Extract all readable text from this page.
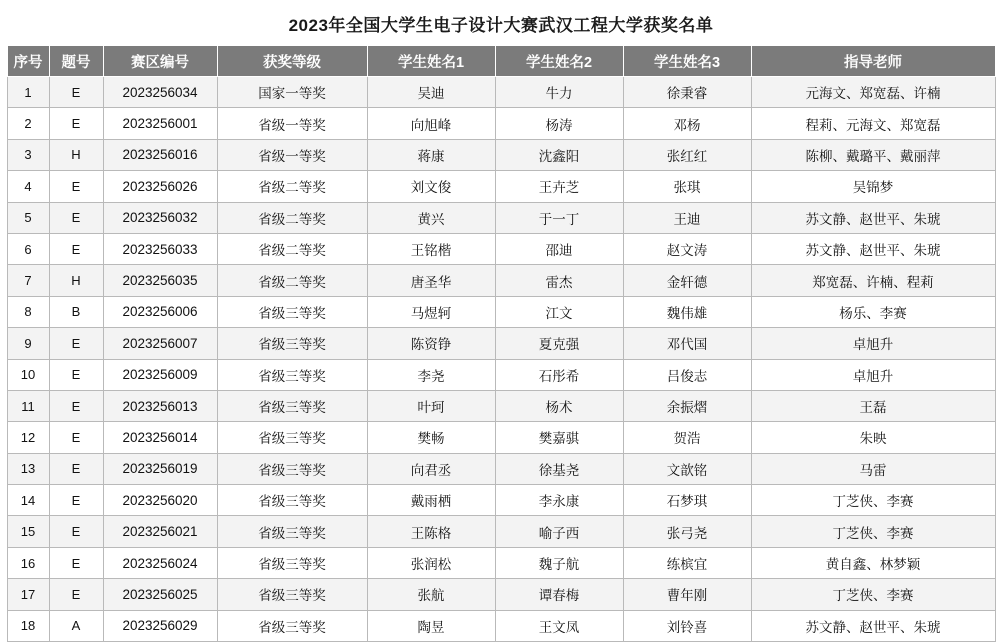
2023年全国大学生电子设计大赛武汉工程大学获奖名单
序号	题号	赛区编号	获奖等级	学生姓名1	学生姓名2	学生姓名3	指导老师
1	E	2023256034	国家一等奖	吴迪	牛力	徐秉睿	元海文、郑宽磊、许楠
2	E	2023256001	省级一等奖	向旭峰	杨涛	邓杨	程莉、元海文、郑宽磊
3	H	2023256016	省级一等奖	蒋康	沈鑫阳	张红红	陈柳、戴璐平、戴丽萍
4	E	2023256026	省级二等奖	刘文俊	王卉芝	张琪	吴锦梦
5	E	2023256032	省级二等奖	黄兴	于一丁	王迪	苏文静、赵世平、朱琥
6	E	2023256033	省级二等奖	王铭楷	邵迪	赵文涛	苏文静、赵世平、朱琥
7	H	2023256035	省级二等奖	唐圣华	雷杰	金轩德	郑宽磊、许楠、程莉
8	B	2023256006	省级三等奖	马煜轲	江文	魏伟雄	杨乐、李赛
9	E	2023256007	省级三等奖	陈资铮	夏克强	邓代国	卓旭升
10	E	2023256009	省级三等奖	李尧	石彤希	吕俊志	卓旭升
11	E	2023256013	省级三等奖	叶珂	杨术	余振熠	王磊
12	E	2023256014	省级三等奖	樊畅	樊嘉骐	贺浩	朱映
13	E	2023256019	省级三等奖	向君丞	徐基尧	文歆铭	马雷
14	E	2023256020	省级三等奖	戴雨栖	李永康	石梦琪	丁芝侠、李赛
15	E	2023256021	省级三等奖	王陈格	喻子西	张弓尧	丁芝侠、李赛
16	E	2023256024	省级三等奖	张润松	魏子航	练槟宜	黄自鑫、林梦颖
17	E	2023256025	省级三等奖	张航	谭春梅	曹年刚	丁芝侠、李赛
18	A	2023256029	省级三等奖	陶昱	王文凤	刘铃喜	苏文静、赵世平、朱琥
